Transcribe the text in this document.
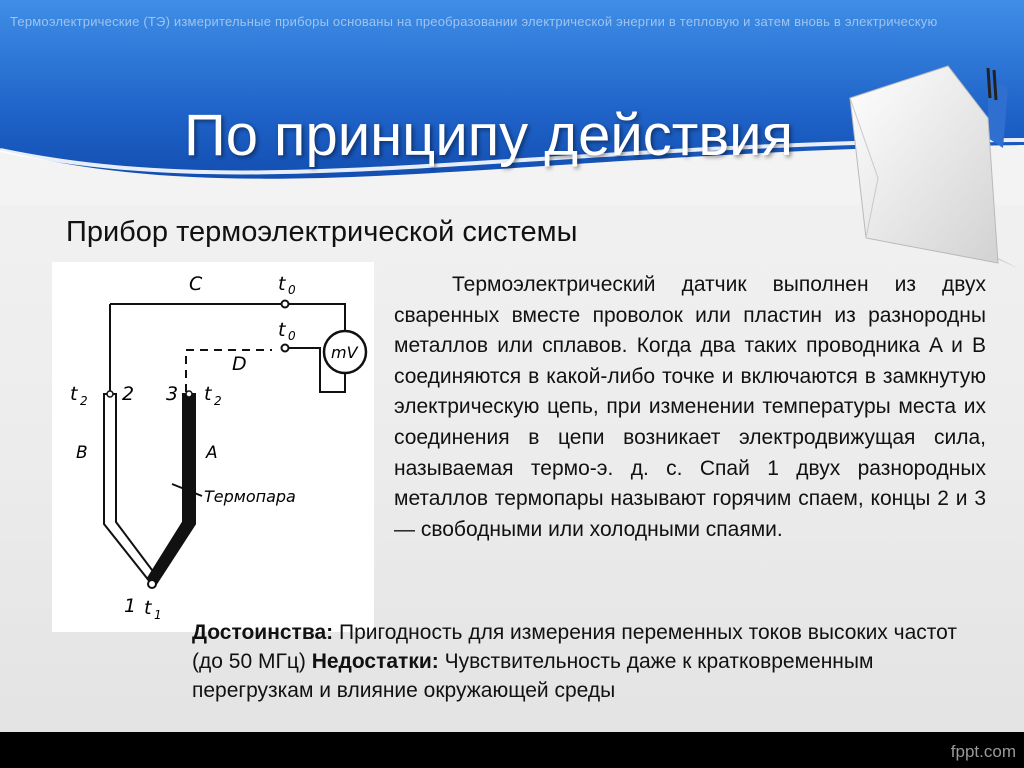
Термоэлектрические (ТЭ) измерительные приборы основаны на преобразовании электрической энергии в тепловую и затем вновь в электрическую
По принципу действия
Прибор термоэлектрической системы
C	t 0
t 0
D
mV
t 2 2 3 t 2
B	A
Термопара
1 t 1

Термоэлектрический датчик выполнен из двух сваренных вместе проволок или пластин из разнородны металлов или сплавов. Когда два таких проводника A и B соединяются в какой-либо точке и включаются в замкнутую электрическую цепь, при изменении температуры места их соединения в цепи возникает электродвижущая сила, называемая термо-э. д. с. Спай 1 двух разнородных металлов термопары называют горячим спаем, концы 2 и 3 — свободными или холодными спаями.

Достоинства: Пригодность для измерения переменных токов высоких частот (до 50 МГц) Недостатки: Чувствительность даже к кратковременным перегрузкам и влияние окружающей среды
fppt.com
